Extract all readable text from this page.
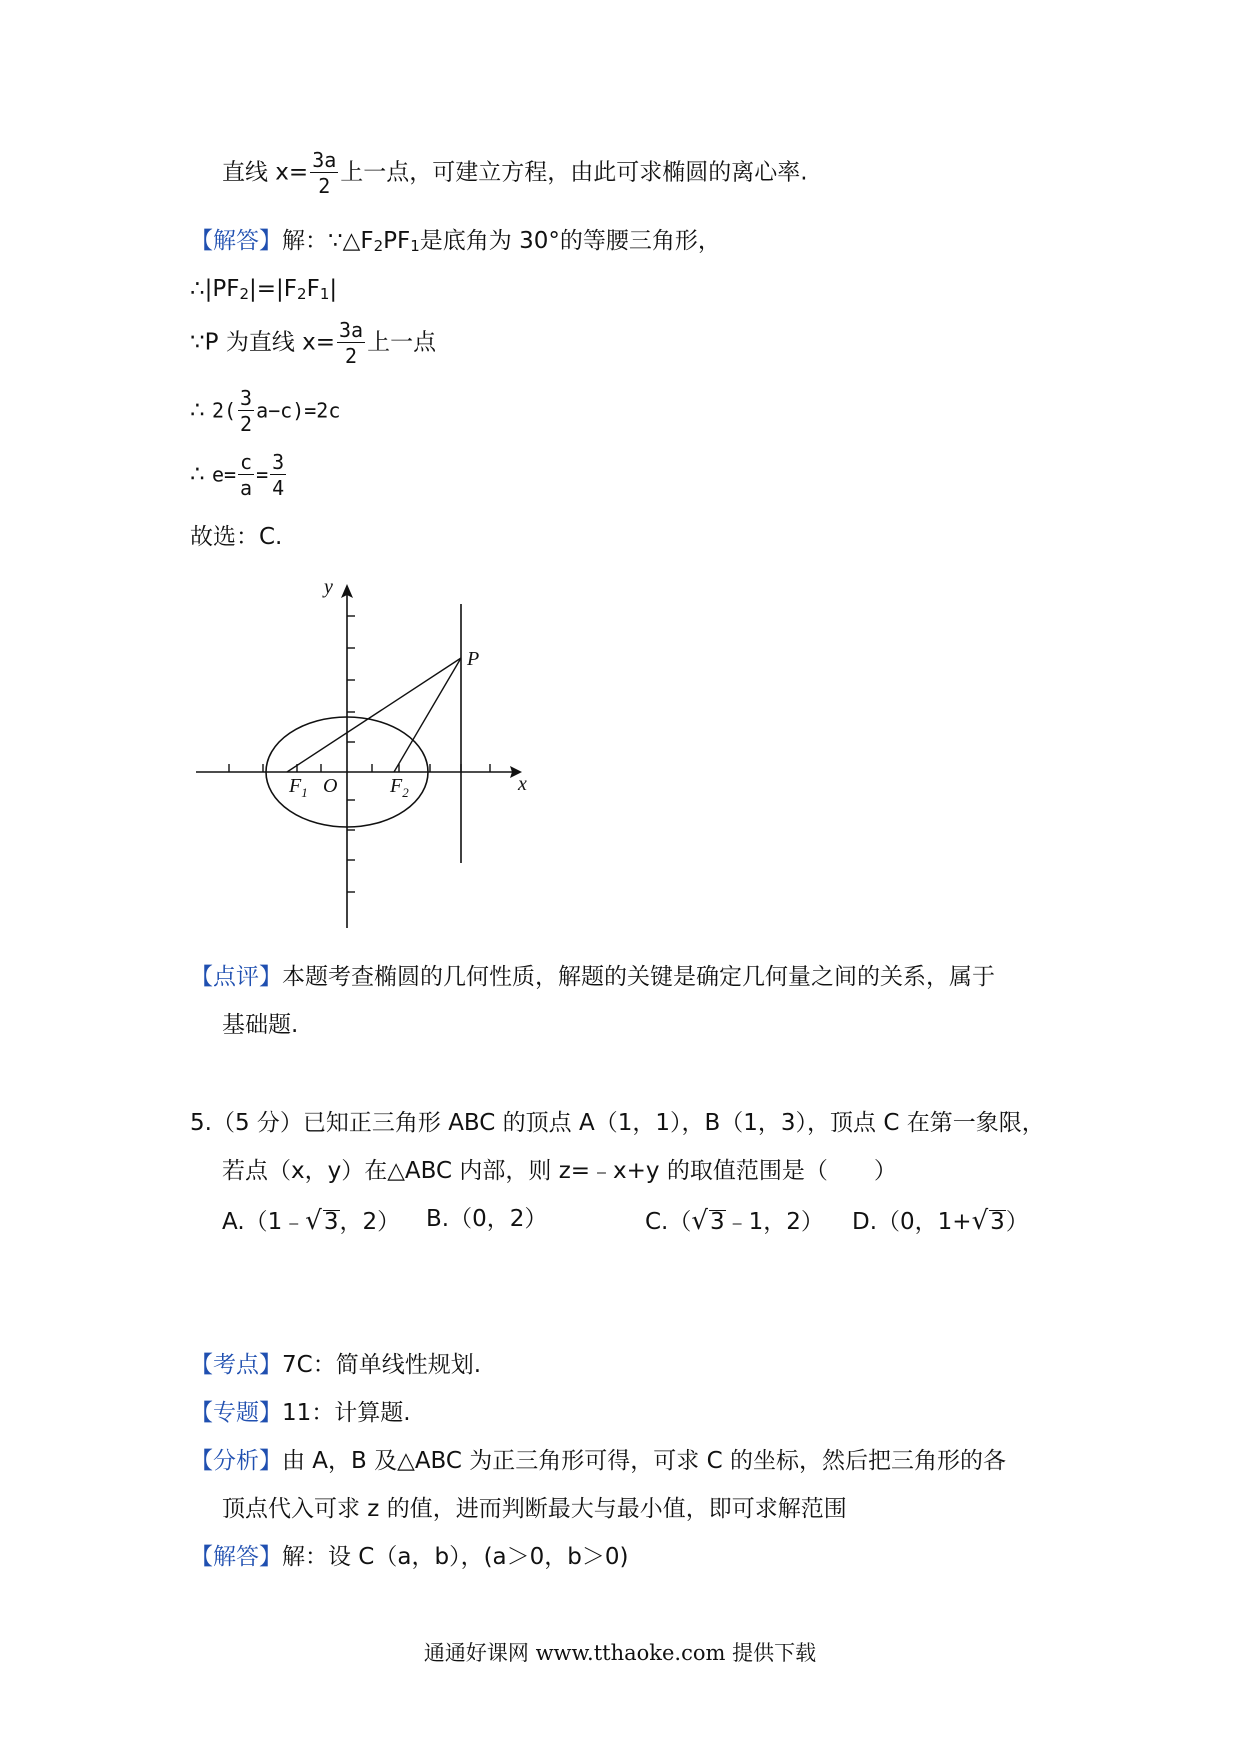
直线 $x= \frac{3a}{2}$ 上一点，可建立方程，由此可求椭圆的离心率.
【解答】解：$\because\triangle F_2PF_1$是底角为 30°的等腰三角形，
$\therefore|PF_2|=|F_2F_1|$
∵P 为直线 $x= \frac{3a}{2}$ 上一点
∴ $2( \frac{3}{2} a-c)=2c$
∴ $e= \frac{c}{a} = \frac{3}{4}$
故选：C.
y
x
P
$F_1$ O	$F_2$
【点评】本题考查椭圆的几何性质，解题的关键是确定几何量之间的关系，属于
基础题.
5.（5 分）已知正三角形 ABC 的顶点 A（1，1），B（1，3），顶点 C 在第一象限，
若点（x，y）在△ABC 内部，则 z=﹣x+y 的取值范围是（　　）
A.（1﹣√3，2） B.（0，2）	C.（√3﹣1，2） D.（0，1+√3）
【考点】7C：简单线性规划.
【专题】11：计算题.
【分析】由 A，B 及△ABC 为正三角形可得，可求 C 的坐标，然后把三角形的各
顶点代入可求 z 的值，进而判断最大与最小值，即可求解范围
【解答】解：设 C（a，b），(a＞0，b＞0)
通通好课网 www.tthaoke.com 提供下载
